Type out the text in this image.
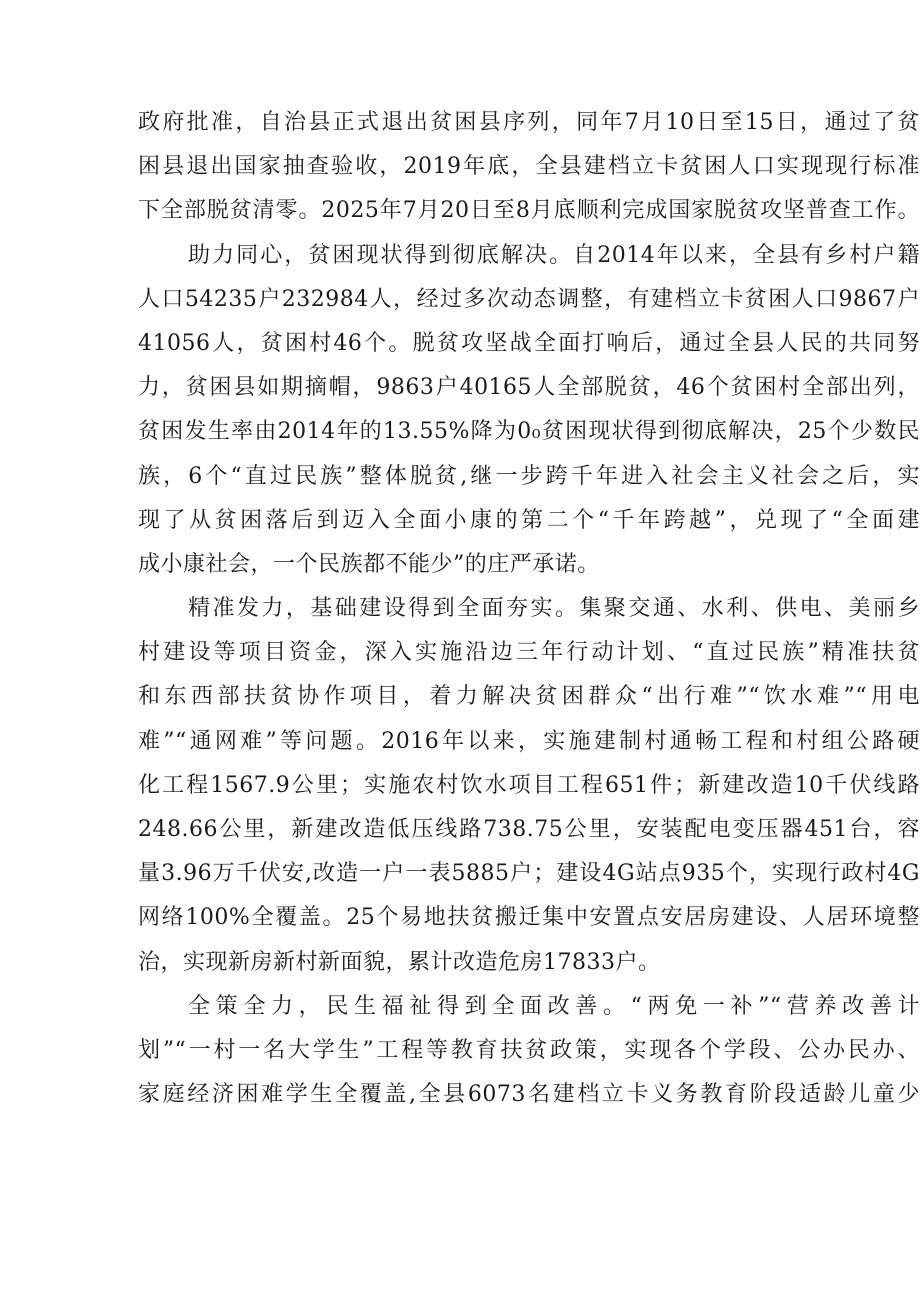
政府批准，自治县正式退出贫困县序列，同年7月10日至15日，通过了贫
困县退出国家抽查验收，2019年底，全县建档立卡贫困人口实现现行标准
下全部脱贫清零。2025年7月20日至8月底顺利完成国家脱贫攻坚普查工作。
助力同心，贫困现状得到彻底解决。自2014年以来，全县有乡村户籍
人口54235户232984人，经过多次动态调整，有建档立卡贫困人口9867户
41056人，贫困村46个。脱贫攻坚战全面打响后，通过全县人民的共同努
力，贫困县如期摘帽，9863户40165人全部脱贫，46个贫困村全部出列，
贫困发生率由2014年的13.55%降为0₀贫困现状得到彻底解决，25个少数民
族，6个“直过民族”整体脱贫,继一步跨千年进入社会主义社会之后，实
现了从贫困落后到迈入全面小康的第二个“千年跨越”，兑现了“全面建
成小康社会，一个民族都不能少”的庄严承诺。
精准发力，基础建设得到全面夯实。集聚交通、水利、供电、美丽乡
村建设等项目资金，深入实施沿边三年行动计划、“直过民族”精准扶贫
和东西部扶贫协作项目，着力解决贫困群众“出行难”“饮水难”“用电
难”“通网难”等问题。2016年以来，实施建制村通畅工程和村组公路硬
化工程1567.9公里；实施农村饮水项目工程651件；新建改造10千伏线路
248.66公里，新建改造低压线路738.75公里，安装配电变压器451台，容
量3.96万千伏安,改造一户一表5885户；建设4G站点935个，实现行政村4G
网络100%全覆盖。25个易地扶贫搬迁集中安置点安居房建设、人居环境整
治，实现新房新村新面貌，累计改造危房17833户。
全策全力，民生福祉得到全面改善。“两免一补”“营养改善计
划”“一村一名大学生”工程等教育扶贫政策，实现各个学段、公办民办、
家庭经济困难学生全覆盖,全县6073名建档立卡义务教育阶段适龄儿童少
